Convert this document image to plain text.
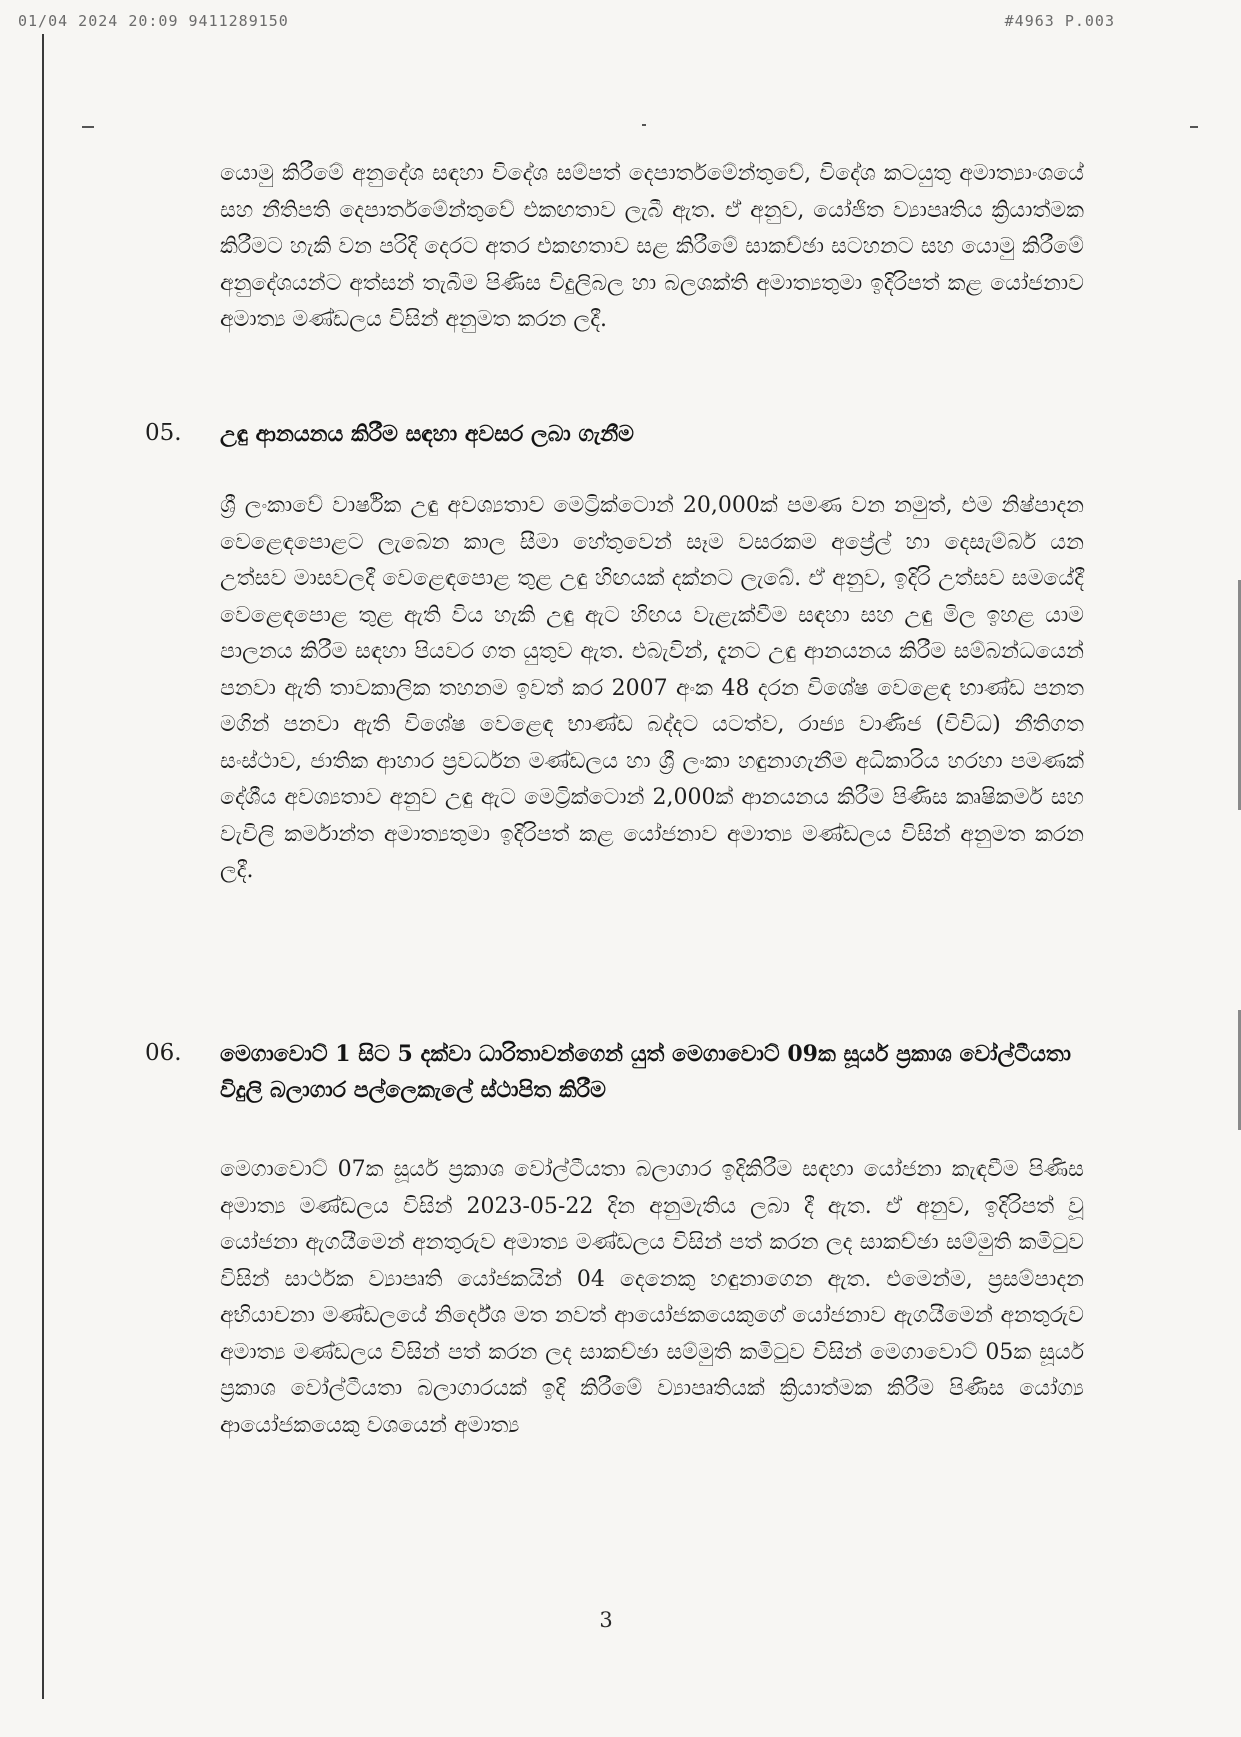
01/04 2024 20:09 9411289150	#4963 P.003

යොමු කිරීමේ අනුදේශ සඳහා විදේශ සම්පත් දෙපාර්තමේන්තුවේ, විදේශ කටයුතු අමාත්‍යාංශයේ සහ නීතිපති දෙපාර්තමේන්තුවේ එකඟතාව ලැබී ඇත. ඒ අනුව, යෝජිත ව්‍යාපෘතිය ක්‍රියාත්මක කිරීමට හැකි වන පරිදි දෙරට අතර එකඟතාව සළ කිරීමේ සාකච්ඡා සටහනට සහ යොමු කිරීමේ අනුදේශයන්ට අත්සන් තැබීම පිණිස විදුලිබල හා බලශක්ති අමාත්‍යතුමා ඉදිරිපත් කළ යෝජනාව අමාත්‍ය මණ්ඩලය විසින් අනුමත කරන ලදී.

05. උඳු ආනයනය කිරීම සඳහා අවසර ලබා ගැනීම

ශ්‍රී ලංකාවේ වාර්ෂික උඳු අවශ්‍යතාව මෙට්‍රික්ටොන් 20,000ක් පමණ වන නමුත්, එම නිෂ්පාදන වෙළෙඳපොළට ලැබෙන කාල සීමා හේතුවෙන් සෑම වසරකම අප්‍රේල් හා දෙසැම්බර් යන උත්සව මාසවලදී වෙළෙඳපොළ තුළ උඳු හිඟයක් දක්නට ලැබේ. ඒ අනුව, ඉදිරි උත්සව සමයේදී වෙළෙඳපොළ තුළ ඇති විය හැකි උඳු ඇට හිඟය වැළැක්වීම සඳහා සහ උඳු මිල ඉහළ යාම පාලනය කිරීම සඳහා පියවර ගත යුතුව ඇත. එබැවින්, දැනට උඳු ආනයනය කිරීම සම්බන්ධයෙන් පනවා ඇති තාවකාලික තහනම ඉවත් කර 2007 අංක 48 දරන විශේෂ වෙළෙඳ භාණ්ඩ පනත මගින් පනවා ඇති විශේෂ වෙළෙඳ භාණ්ඩ බද්දට යටත්ව, රාජ්‍ය වාණිජ (විවිධ) නීතිගත සංස්ථාව, ජාතික ආහාර ප්‍රවර්ධන මණ්ඩලය හා ශ්‍රී ලංකා හඳුනාගැනීම අධිකාරිය හරහා පමණක් දේශීය අවශ්‍යතාව අනුව උඳු ඇට මෙට්‍රික්ටොන් 2,000ක් ආනයනය කිරීම පිණිස කෘෂිකර්ම සහ වැවිලි කර්මාන්ත අමාත්‍යතුමා ඉදිරිපත් කළ යෝජනාව අමාත්‍ය මණ්ඩලය විසින් අනුමත කරන ලදී.

06. මෙගාවොට් 1 සිට 5 දක්වා ධාරිතාවන්ගෙන් යුත් මෙගාවොට් 09ක සූර්ය ප්‍රකාශ වෝල්ටීයතා විදුලි බලාගාර පල්ලෙකැලේ ස්ථාපිත කිරීම

මෙගාවොට් 07ක සූර්ය ප්‍රකාශ වෝල්ටීයතා බලාගාර ඉදිකිරීම සඳහා යෝජනා කැඳවීම පිණිස අමාත්‍ය මණ්ඩලය විසින් 2023-05-22 දින අනුමැතිය ලබා දී ඇත. ඒ අනුව, ඉදිරිපත් වූ යෝජනා ඇගයීමෙන් අනතුරුව අමාත්‍ය මණ්ඩලය විසින් පත් කරන ලද සාකච්ඡා සම්මුති කමිටුව විසින් සාර්ථක ව්‍යාපෘති යෝජකයින් 04 දෙනෙකු හඳුනාගෙන ඇත. එමෙන්ම, ප්‍රසම්පාදන අභියාචනා මණ්ඩලයේ නිර්දේශ මත නවත් ආයෝජකයෙකුගේ යෝජනාව ඇගයීමෙන් අනතුරුව අමාත්‍ය මණ්ඩලය විසින් පත් කරන ලද සාකච්ඡා සම්මුති කමිටුව විසින් මෙගාවොට් 05ක සූර්ය ප්‍රකාශ වෝල්ටීයතා බලාගාරයක් ඉදි කිරීමේ ව්‍යාපෘතියක් ක්‍රියාත්මක කිරීම පිණිස යෝග්‍ය ආයෝජකයෙකු වශයෙන් අමාත්‍ය

3
